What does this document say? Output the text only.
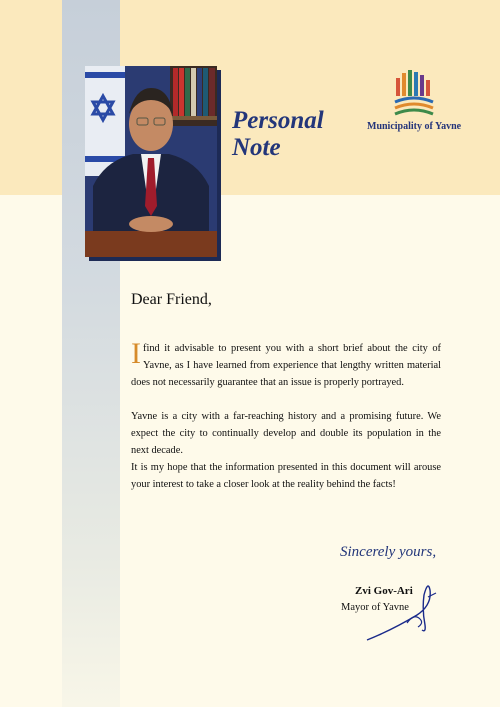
Personal
Note
Municipality of Yavne
Dear Friend,

Ifind it advisable to present you with a short brief about the city of Yavne, as I have learned from experience that lengthy written material does not necessarily guarantee that an issue is properly portrayed.

Yavne is a city with a far-reaching history and a promising future. We expect the city to continually develop and double its population in the next decade.

It is my hope that the information presented in this document will arouse your interest to take a closer look at the reality behind the facts!

Sincerely yours,
Zvi Gov-Ari
Mayor of Yavne
